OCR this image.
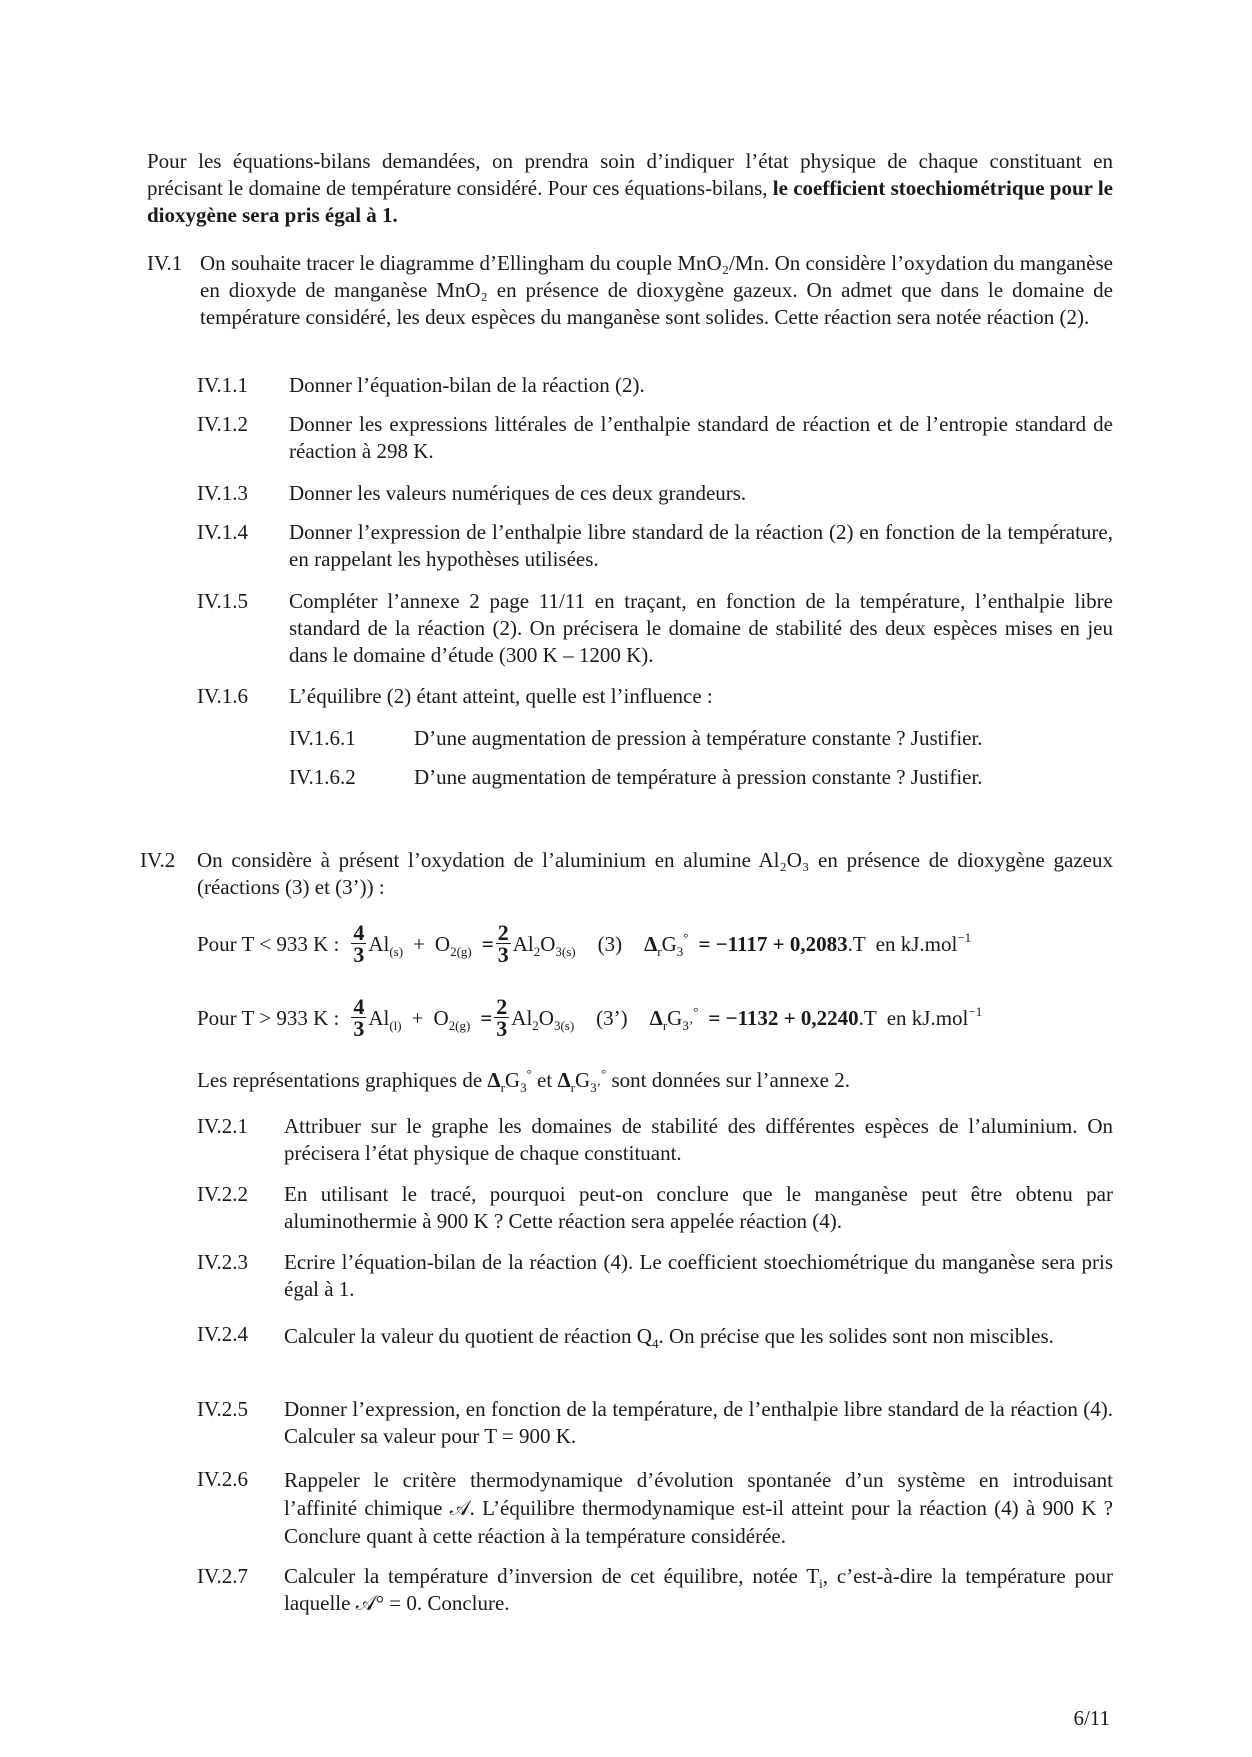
Pour les équations-bilans demandées, on prendra soin d’indiquer l’état physique de chaque constituant en précisant le domaine de température considéré. Pour ces équations-bilans, le coefficient stoechiométrique pour le dioxygène sera pris égal à 1.
IV.1 On souhaite tracer le diagramme d’Ellingham du couple MnO₂/Mn. On considère l’oxydation du manganèse en dioxyde de manganèse MnO₂ en présence de dioxygène gazeux. On admet que dans le domaine de température considéré, les deux espèces du manganèse sont solides. Cette réaction sera notée réaction (2).
IV.1.1 Donner l’équation-bilan de la réaction (2).
IV.1.2 Donner les expressions littérales de l’enthalpie standard de réaction et de l’entropie standard de réaction à 298 K.
IV.1.3 Donner les valeurs numériques de ces deux grandeurs.
IV.1.4 Donner l’expression de l’enthalpie libre standard de la réaction (2) en fonction de la température, en rappelant les hypothèses utilisées.
IV.1.5 Compléter l’annexe 2 page 11/11 en traçant, en fonction de la température, l’enthalpie libre standard de la réaction (2). On précisera le domaine de stabilité des deux espèces mises en jeu dans le domaine d’étude (300 K – 1200 K).
IV.1.6 L’équilibre (2) étant atteint, quelle est l’influence :
IV.1.6.1	D’une augmentation de pression à température constante ? Justifier.
IV.1.6.2	D’une augmentation de température à pression constante ? Justifier.
IV.2 On considère à présent l’oxydation de l’aluminium en alumine Al₂O₃ en présence de dioxygène gazeux (réactions (3) et (3’)) :
Pour T < 933 K : $\frac{4}{3} Al_{(s)} + O_{2(g)} = \frac{2}{3} Al_2O_{3(s)}$ (3) $\Delta_r$ $G_3^\circ = -1117 + 0,2083$ .T en kJ.mol$^{-1}$
Pour T > 933 K : $\frac{4}{3} Al_{(l)} + O_{2(g)} = \frac{2}{3} Al_2O_{3(s)}$ (3’) $\Delta_r$ $G_{3’}^\circ = -1132 + 0,2240$ .T en kJ.mol$^{-1}$
Les représentations graphiques de $\Delta_rG_3^\circ$ et $\Delta_rG_{3’}^\circ$ sont données sur l’annexe 2.
IV.2.1 Attribuer sur le graphe les domaines de stabilité des différentes espèces de l’aluminium. On précisera l’état physique de chaque constituant.
IV.2.2 En utilisant le tracé, pourquoi peut-on conclure que le manganèse peut être obtenu par aluminothermie à 900 K ? Cette réaction sera appelée réaction (4).
IV.2.3 Ecrire l’équation-bilan de la réaction (4). Le coefficient stoechiométrique du manganèse sera pris égal à 1.
IV.2.4 Calculer la valeur du quotient de réaction $Q_4$. On précise que les solides sont non miscibles.
IV.2.5 Donner l’expression, en fonction de la température, de l’enthalpie libre standard de la réaction (4). Calculer sa valeur pour T = 900 K.
IV.2.6 Rappeler le critère thermodynamique d’évolution spontanée d’un système en introduisant l’affinité chimique 𝒜. L’équilibre thermodynamique est-il atteint pour la réaction (4) à 900 K ? Conclure quant à cette réaction à la température considérée.
IV.2.7 Calculer la température d’inversion de cet équilibre, notée $T_i$, c’est-à-dire la température pour laquelle 𝒜° = 0. Conclure.
6/11
